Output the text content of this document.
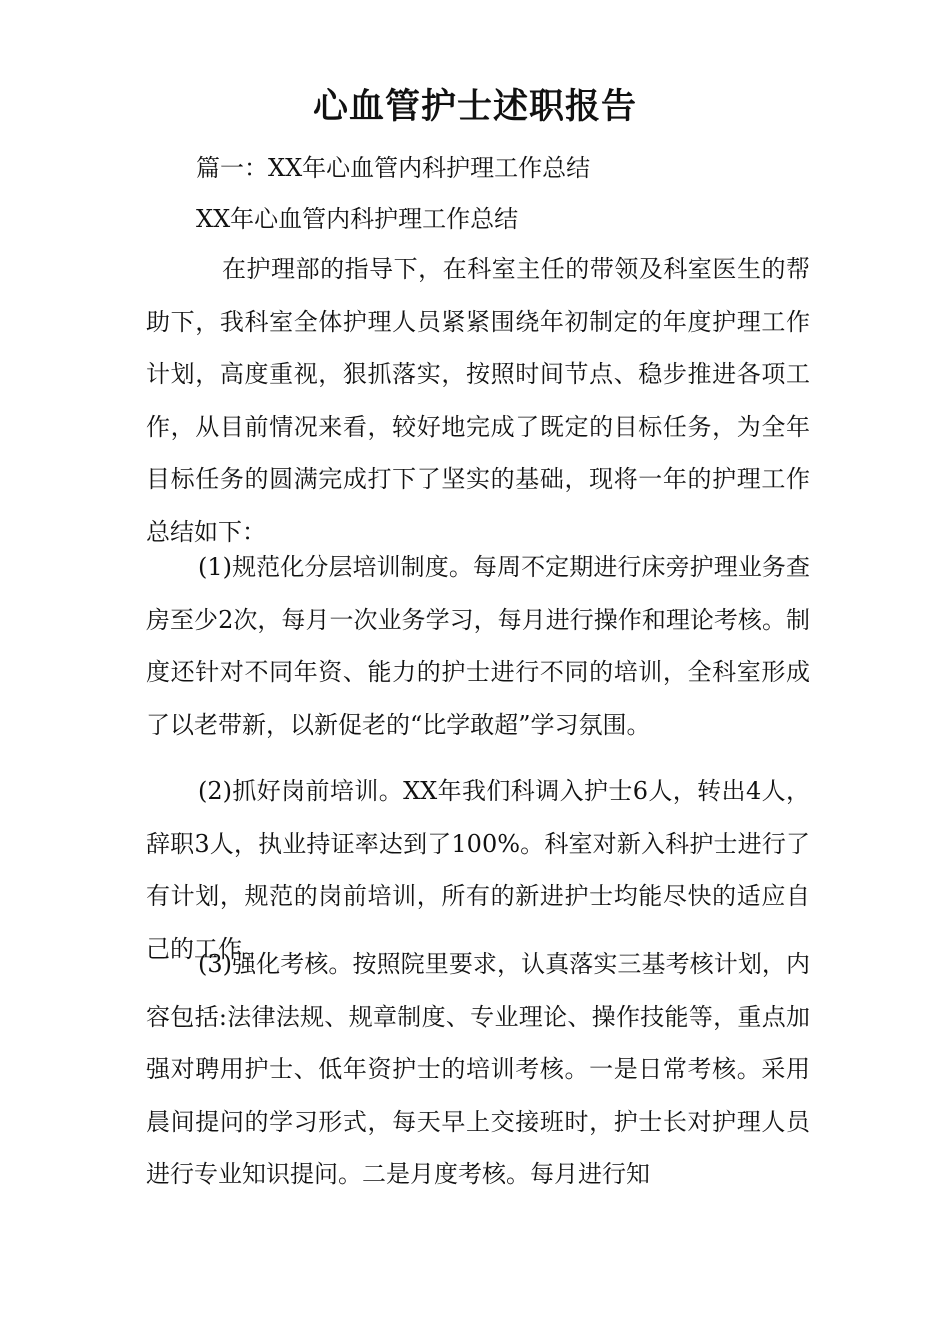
心血管护士述职报告
篇一：XX年心血管内科护理工作总结
XX年心血管内科护理工作总结
在护理部的指导下，在科室主任的带领及科室医生的帮助下，我科室全体护理人员紧紧围绕年初制定的年度护理工作计划，高度重视，狠抓落实，按照时间节点、稳步推进各项工作，从目前情况来看，较好地完成了既定的目标任务，为全年目标任务的圆满完成打下了坚实的基础，现将一年的护理工作总结如下：
(1)规范化分层培训制度。每周不定期进行床旁护理业务查房至少2次，每月一次业务学习，每月进行操作和理论考核。制度还针对不同年资、能力的护士进行不同的培训，全科室形成了以老带新，以新促老的“比学敢超”学习氛围。
(2)抓好岗前培训。XX年我们科调入护士6人，转出4人，辞职3人，执业持证率达到了100%。科室对新入科护士进行了有计划，规范的岗前培训，所有的新进护士均能尽快的适应自己的工作。
(3)强化考核。按照院里要求，认真落实三基考核计划，内容包括:法律法规、规章制度、专业理论、操作技能等，重点加强对聘用护士、低年资护士的培训考核。一是日常考核。采用晨间提问的学习形式，每天早上交接班时，护士长对护理人员进行专业知识提问。二是月度考核。每月进行知
